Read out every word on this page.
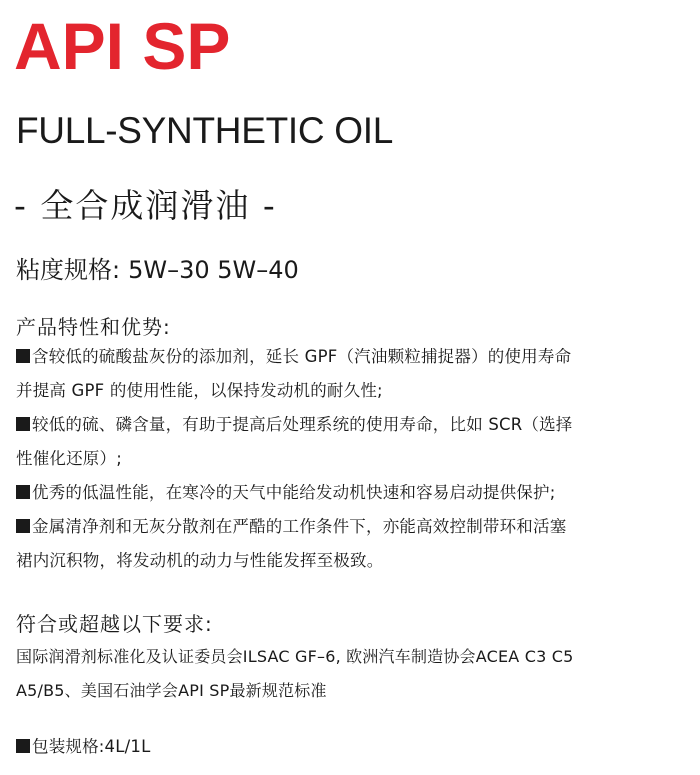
API SP
FULL-SYNTHETIC OIL
- 全合成润滑油 -
粘度规格: 5W–30 5W–40
产品特性和优势:
含较低的硫酸盐灰份的添加剂，延长 GPF（汽油颗粒捕捉器）的使用寿命
并提高 GPF 的使用性能，以保持发动机的耐久性;
较低的硫、磷含量，有助于提高后处理系统的使用寿命，比如 SCR（选择
性催化还原）;
优秀的低温性能，在寒冷的天气中能给发动机快速和容易启动提供保护;
金属清净剂和无灰分散剂在严酷的工作条件下，亦能高效控制带环和活塞
裙内沉积物，将发动机的动力与性能发挥至极致。
符合或超越以下要求:
国际润滑剂标准化及认证委员会ILSAC GF–6, 欧洲汽车制造协会ACEA C3 C5
A5/B5、美国石油学会API SP最新规范标准
包装规格:4L/1L
